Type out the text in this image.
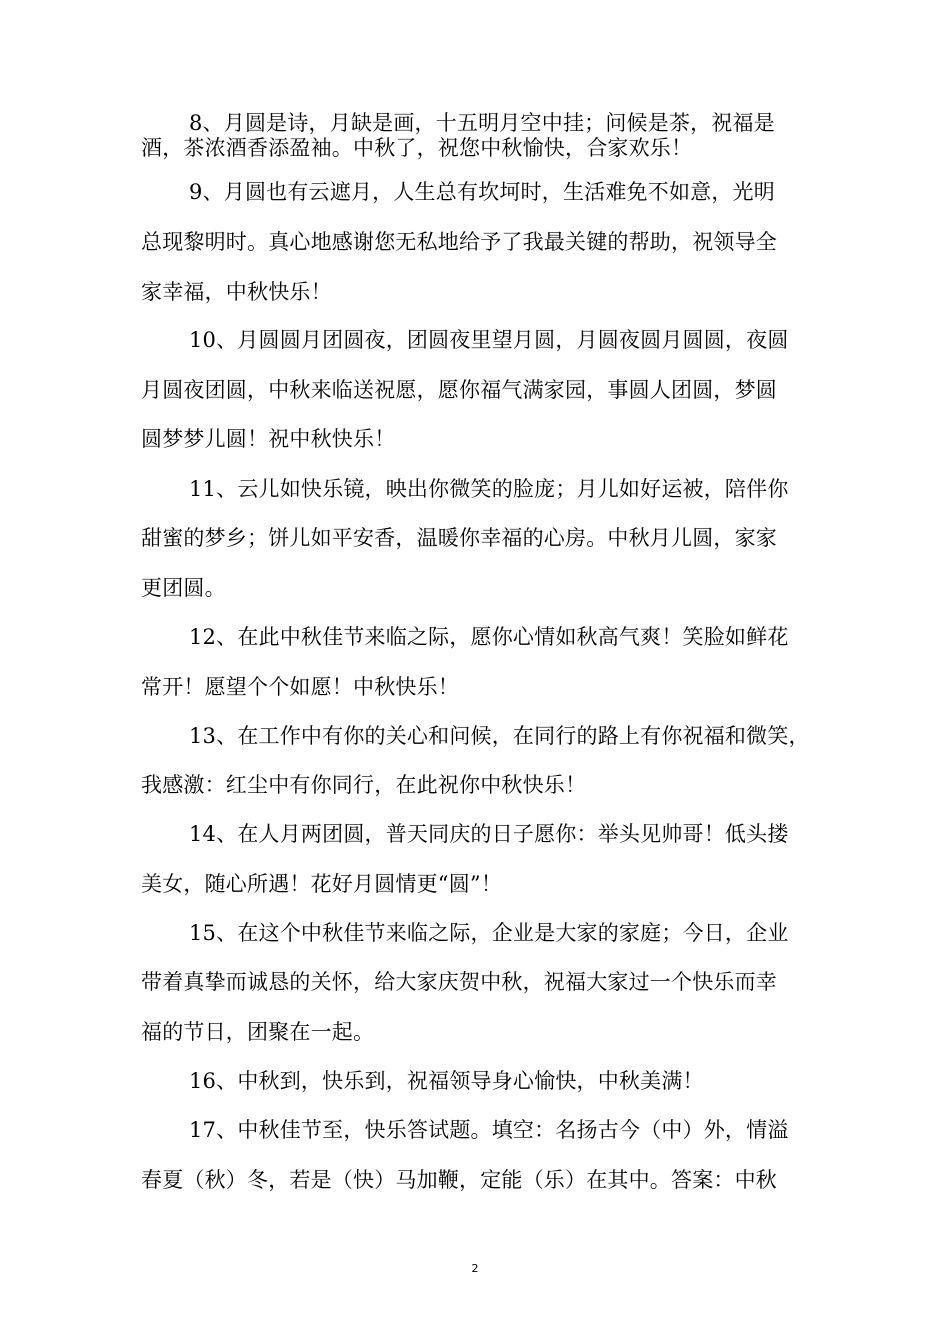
8、月圆是诗，月缺是画，十五明月空中挂；问候是茶，祝福是
酒，茶浓酒香添盈袖。中秋了，祝您中秋愉快，合家欢乐！
9、月圆也有云遮月，人生总有坎坷时，生活难免不如意，光明
总现黎明时。真心地感谢您无私地给予了我最关键的帮助，祝领导全
家幸福，中秋快乐！
10、月圆圆月团圆夜，团圆夜里望月圆，月圆夜圆月圆圆，夜圆
月圆夜团圆，中秋来临送祝愿，愿你福气满家园，事圆人团圆，梦圆
圆梦梦儿圆！祝中秋快乐！
11、云儿如快乐镜，映出你微笑的脸庞；月儿如好运被，陪伴你
甜蜜的梦乡；饼儿如平安香，温暖你幸福的心房。中秋月儿圆，家家
更团圆。
12、在此中秋佳节来临之际，愿你心情如秋高气爽！笑脸如鲜花
常开！愿望个个如愿！中秋快乐！
13、在工作中有你的关心和问候，在同行的路上有你祝福和微笑，
我感激：红尘中有你同行，在此祝你中秋快乐！
14、在人月两团圆，普天同庆的日子愿你：举头见帅哥！低头搂
美女，随心所遇！花好月圆情更“圆”！
15、在这个中秋佳节来临之际，企业是大家的家庭；今日，企业
带着真挚而诚恳的关怀，给大家庆贺中秋，祝福大家过一个快乐而幸
福的节日，团聚在一起。
16、中秋到，快乐到，祝福领导身心愉快，中秋美满！
17、中秋佳节至，快乐答试题。填空：名扬古今（中）外，情溢
春夏（秋）冬，若是（快）马加鞭，定能（乐）在其中。答案：中秋
2
